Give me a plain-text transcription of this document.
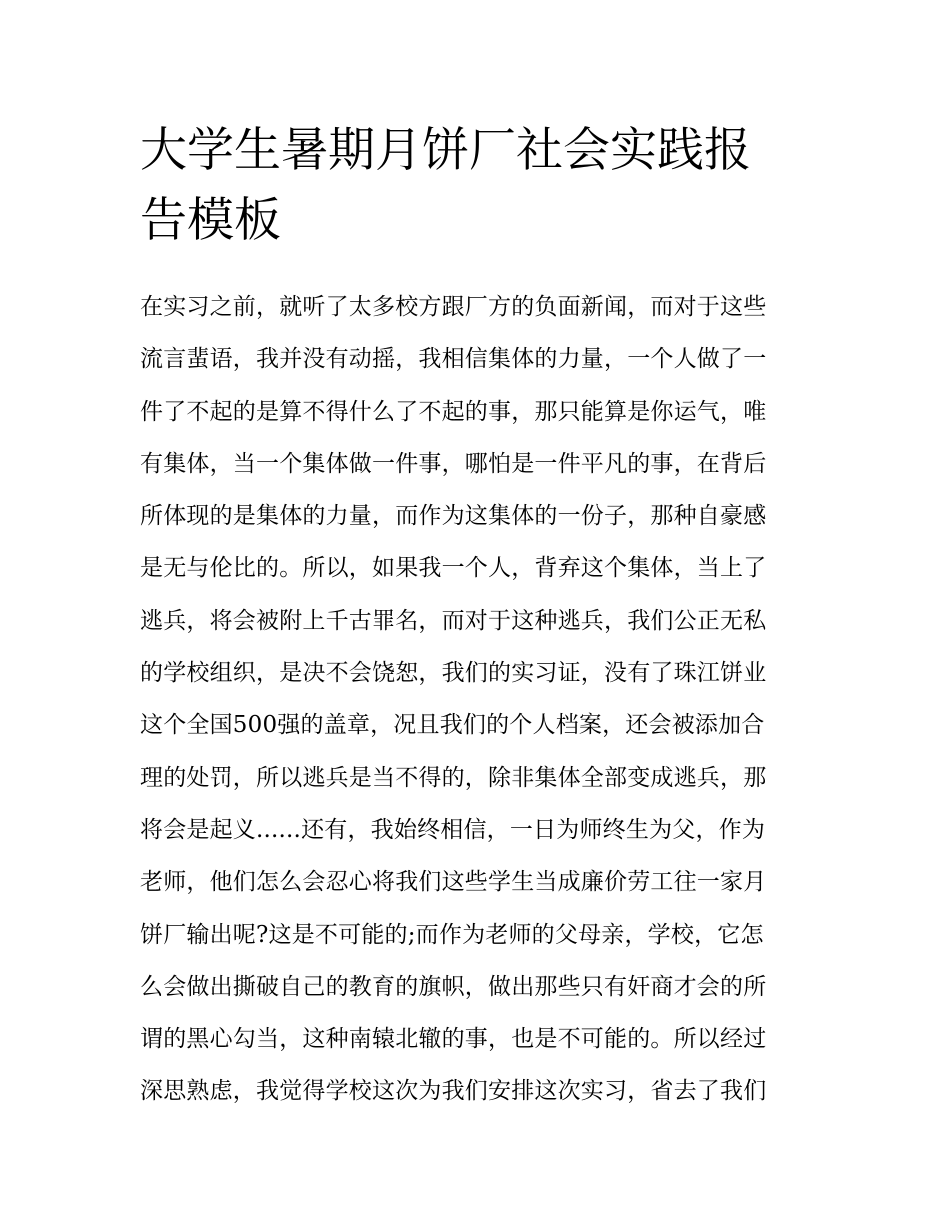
大学生暑期月饼厂社会实践报
告模板
在实习之前，就听了太多校方跟厂方的负面新闻，而对于这些
流言蜚语，我并没有动摇，我相信集体的力量，一个人做了一
件了不起的是算不得什么了不起的事，那只能算是你运气，唯
有集体，当一个集体做一件事，哪怕是一件平凡的事，在背后
所体现的是集体的力量，而作为这集体的一份子，那种自豪感
是无与伦比的。所以，如果我一个人，背弃这个集体，当上了
逃兵，将会被附上千古罪名，而对于这种逃兵，我们公正无私
的学校组织，是决不会饶恕，我们的实习证，没有了珠江饼业
这个全国500强的盖章，况且我们的个人档案，还会被添加合
理的处罚，所以逃兵是当不得的，除非集体全部变成逃兵，那
将会是起义......还有，我始终相信，一日为师终生为父，作为
老师，他们怎么会忍心将我们这些学生当成廉价劳工往一家月
饼厂输出呢?这是不可能的;而作为老师的父母亲，学校，它怎
么会做出撕破自己的教育的旗帜，做出那些只有奸商才会的所
谓的黑心勾当，这种南辕北辙的事，也是不可能的。所以经过
深思熟虑，我觉得学校这次为我们安排这次实习，省去了我们
